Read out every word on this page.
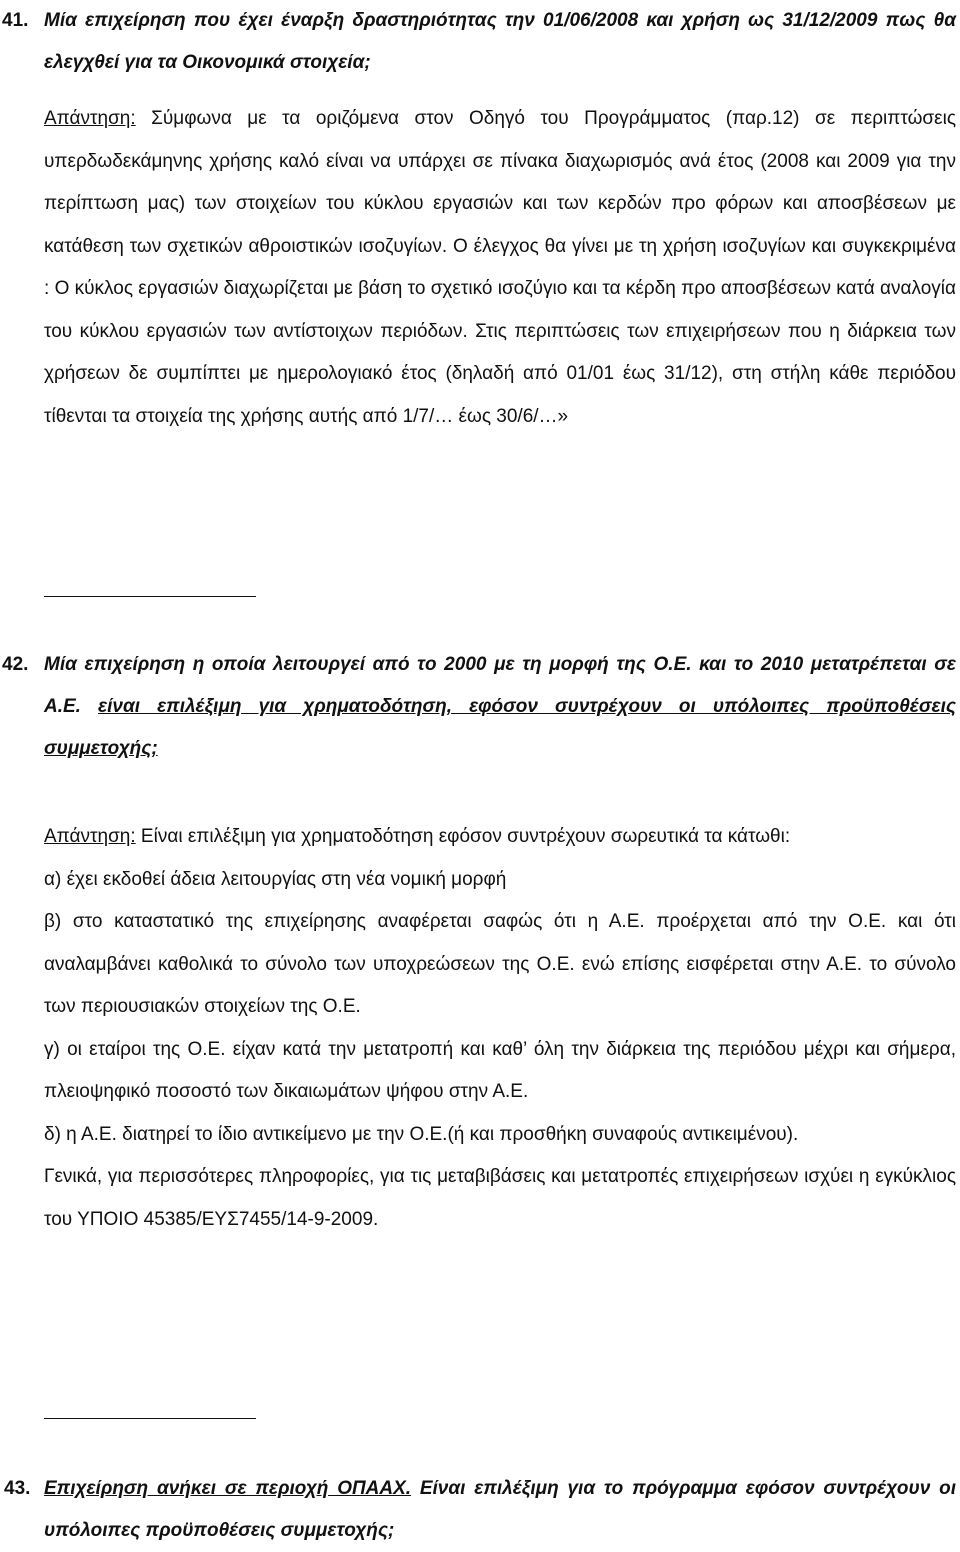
41. Μία επιχείρηση που έχει έναρξη δραστηριότητας την 01/06/2008 και χρήση ως 31/12/2009 πως θα ελεγχθεί για τα Οικονομικά στοιχεία;

Απάντηση: Σύμφωνα με τα οριζόμενα στον Οδηγό του Προγράμματος (παρ.12) σε περιπτώσεις υπερδωδεκάμηνης χρήσης καλό είναι να υπάρχει σε πίνακα διαχωρισμός ανά έτος (2008 και 2009 για την περίπτωση μας) των στοιχείων του κύκλου εργασιών και των κερδών προ φόρων και αποσβέσεων με κατάθεση των σχετικών αθροιστικών ισοζυγίων. Ο έλεγχος θα γίνει με τη χρήση ισοζυγίων και συγκεκριμένα : Ο κύκλος εργασιών διαχωρίζεται με βάση το σχετικό ισοζύγιο και τα κέρδη προ αποσβέσεων κατά αναλογία του κύκλου εργασιών των αντίστοιχων περιόδων. Στις περιπτώσεις των επιχειρήσεων που η διάρκεια των χρήσεων δε συμπίπτει με ημερολογιακό έτος (δηλαδή από 01/01 έως 31/12), στη στήλη κάθε περιόδου τίθενται τα στοιχεία της χρήσης αυτής από 1/7/… έως 30/6/…»

42. Μία επιχείρηση η οποία λειτουργεί από το 2000 με τη μορφή της Ο.Ε. και το 2010 μετατρέπεται σε Α.Ε. είναι επιλέξιμη για χρηματοδότηση, εφόσον συντρέχουν οι υπόλοιπες προϋποθέσεις συμμετοχής;

Απάντηση: Είναι επιλέξιμη για χρηματοδότηση εφόσον συντρέχουν σωρευτικά τα κάτωθι:

α) έχει εκδοθεί άδεια λειτουργίας στη νέα νομική μορφή

β) στο καταστατικό της επιχείρησης αναφέρεται σαφώς ότι η Α.Ε. προέρχεται από την Ο.Ε. και ότι αναλαμβάνει καθολικά το σύνολο των υποχρεώσεων της Ο.Ε. ενώ επίσης εισφέρεται στην Α.Ε. το σύνολο των περιουσιακών στοιχείων της Ο.Ε.

γ) οι εταίροι της Ο.Ε. είχαν κατά την μετατροπή και καθ’ όλη την διάρκεια της περιόδου μέχρι και σήμερα, πλειοψηφικό ποσοστό των δικαιωμάτων ψήφου στην Α.Ε.

δ) η Α.Ε. διατηρεί το ίδιο αντικείμενο με την Ο.Ε.(ή και προσθήκη συναφούς αντικειμένου).

Γενικά, για περισσότερες πληροφορίες, για τις μεταβιβάσεις και μετατροπές επιχειρήσεων ισχύει η εγκύκλιος του ΥΠΟΙΟ 45385/ΕΥΣ7455/14-9-2009.

43. Επιχείρηση ανήκει σε περιοχή ΟΠΑΑΧ. Είναι επιλέξιμη για το πρόγραμμα εφόσον συντρέχουν οι υπόλοιπες προϋποθέσεις συμμετοχής;
